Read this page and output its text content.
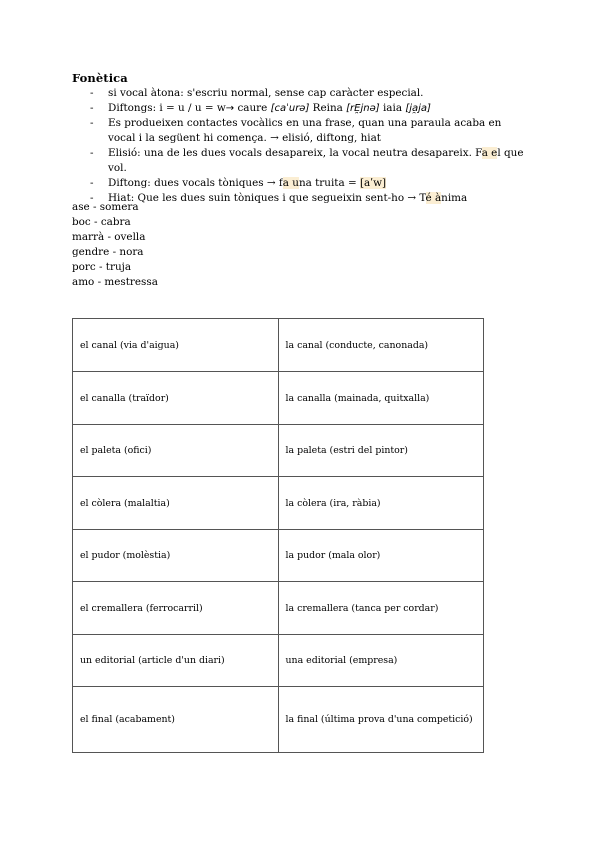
Fonètica
- si vocal àtona: s'escriu normal, sense cap caràcter especial.
- Diftongs: i = u / u = w→ caure [caˈurə] Reina [rE̯jnə] iaia [ja̯ja]
- Es produeixen contactes vocàlics en una frase, quan una paraula acaba en vocal i la següent hi comença. → elisió, diftong, hiat
- Elisió: una de les dues vocals desapareix, la vocal neutra desapareix. Fa el que vol.
- Diftong: dues vocals tòniques → fa una truita = [aʹw]
- Hiat: Que les dues suin tòniques i que segueixin sent-ho → Té ànima
ase - somera
boc - cabra
marrà - ovella
gendre - nora
porc - truja
amo - mestressa
el canal (via d'aigua)	la canal (conducte, canonada)
el canalla (traïdor)	la canalla (mainada, quitxalla)
el paleta (ofici)	la paleta (estri del pintor)
el còlera (malaltia)	la còlera (ira, ràbia)
el pudor (molèstia)	la pudor (mala olor)
el cremallera (ferrocarril)	la cremallera (tanca per cordar)
un editorial (article d'un diari)	una editorial (empresa)
el final (acabament)	la final (última prova d'una competició)
